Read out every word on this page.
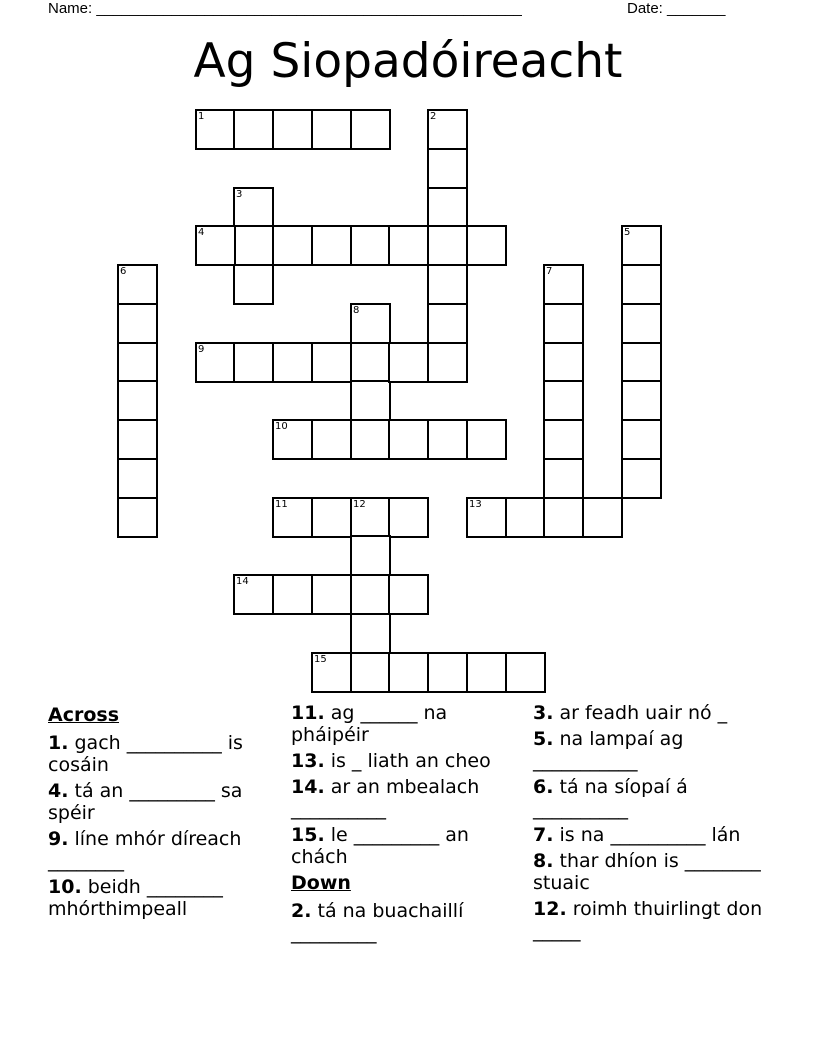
Name: ___________________________________________________	Date: _______
Ag Siopadóireacht
1	2
3
4	5
6	7
8
9
10
11	12	13
14
15
Across
1. gach __________ is cosáin
4. tá an _________ sa spéir
9. líne mhór díreach ________
10. beidh ________ mhórthimpeall
11. ag ______ na pháipéir
13. is _ liath an cheo
14. ar an mbealach __________
15. le _________ an chách
Down
2. tá na buachaillí _________
3. ar feadh uair nó _
5. na lampaí ag ___________
6. tá na síopaí á __________
7. is na __________ lán
8. thar dhíon is ________ stuaic
12. roimh thuirlingt don _____
